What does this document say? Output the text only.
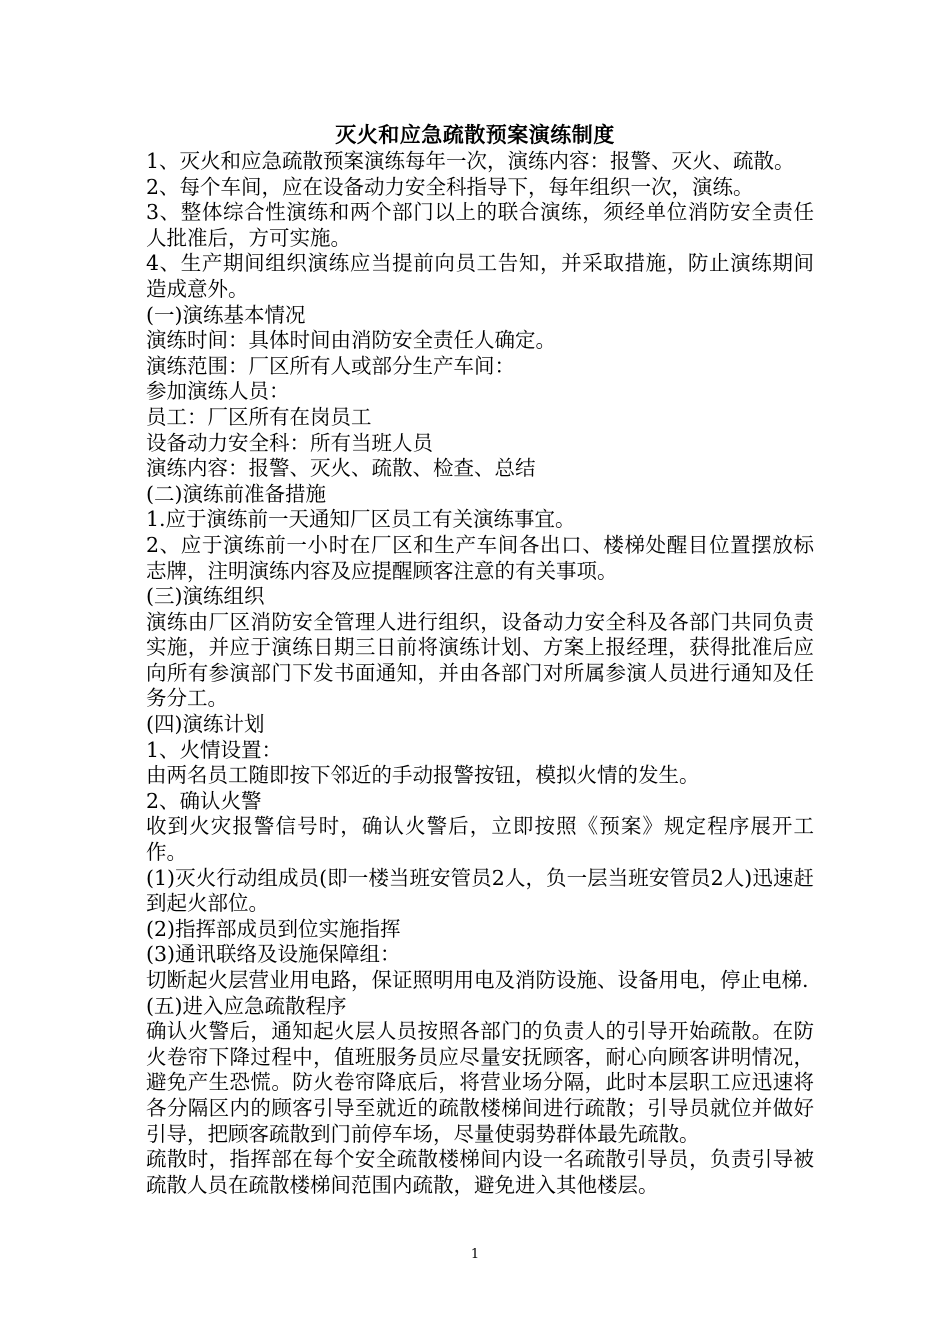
灭火和应急疏散预案演练制度

1、灭火和应急疏散预案演练每年一次，演练内容：报警、灭火、疏散。

2、每个车间，应在设备动力安全科指导下，每年组织一次，演练。

3、整体综合性演练和两个部门以上的联合演练，须经单位消防安全责任人批准后，方可实施。

4、生产期间组织演练应当提前向员工告知，并采取措施，防止演练期间造成意外。

(一)演练基本情况

演练时间：具体时间由消防安全责任人确定。

演练范围：厂区所有人或部分生产车间：

参加演练人员：

员工：厂区所有在岗员工

设备动力安全科：所有当班人员

演练内容：报警、灭火、疏散、检查、总结

(二)演练前准备措施

1.应于演练前一天通知厂区员工有关演练事宜。

2、应于演练前一小时在厂区和生产车间各出口、楼梯处醒目位置摆放标志牌，注明演练内容及应提醒顾客注意的有关事项。

(三)演练组织

演练由厂区消防安全管理人进行组织，设备动力安全科及各部门共同负责实施，并应于演练日期三日前将演练计划、方案上报经理，获得批准后应向所有参演部门下发书面通知，并由各部门对所属参演人员进行通知及任务分工。

(四)演练计划

1、火情设置：

由两名员工随即按下邻近的手动报警按钮，模拟火情的发生。

2、确认火警

收到火灾报警信号时，确认火警后，立即按照《预案》规定程序展开工作。

(1)灭火行动组成员(即一楼当班安管员2人，负一层当班安管员2人)迅速赶到起火部位。

(2)指挥部成员到位实施指挥

(3)通讯联络及设施保障组：

切断起火层营业用电路，保证照明用电及消防设施、设备用电，停止电梯.

(五)进入应急疏散程序

确认火警后，通知起火层人员按照各部门的负责人的引导开始疏散。在防火卷帘下降过程中，值班服务员应尽量安抚顾客，耐心向顾客讲明情况，避免产生恐慌。防火卷帘降底后，将营业场分隔，此时本层职工应迅速将各分隔区内的顾客引导至就近的疏散楼梯间进行疏散；引导员就位并做好引导，把顾客疏散到门前停车场，尽量使弱势群体最先疏散。

疏散时，指挥部在每个安全疏散楼梯间内设一名疏散引导员，负责引导被疏散人员在疏散楼梯间范围内疏散，避免进入其他楼层。

1
